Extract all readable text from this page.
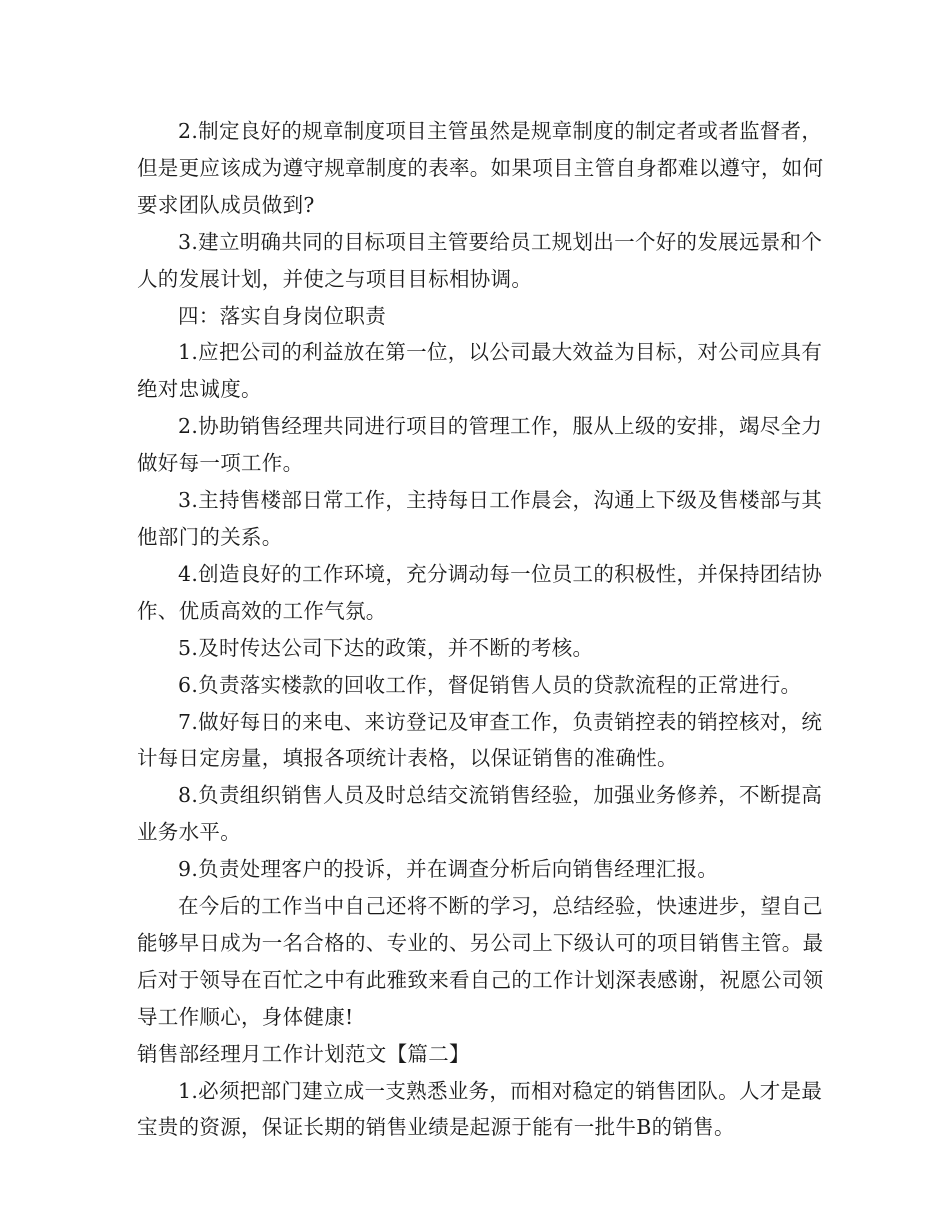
2.制定良好的规章制度项目主管虽然是规章制度的制定者或者监督者，但是更应该成为遵守规章制度的表率。如果项目主管自身都难以遵守，如何要求团队成员做到?

3.建立明确共同的目标项目主管要给员工规划出一个好的发展远景和个人的发展计划，并使之与项目目标相协调。

四：落实自身岗位职责

1.应把公司的利益放在第一位，以公司最大效益为目标，对公司应具有绝对忠诚度。

2.协助销售经理共同进行项目的管理工作，服从上级的安排，竭尽全力做好每一项工作。

3.主持售楼部日常工作，主持每日工作晨会，沟通上下级及售楼部与其他部门的关系。

4.创造良好的工作环境，充分调动每一位员工的积极性，并保持团结协作、优质高效的工作气氛。

5.及时传达公司下达的政策，并不断的考核。

6.负责落实楼款的回收工作，督促销售人员的贷款流程的正常进行。

7.做好每日的来电、来访登记及审查工作，负责销控表的销控核对，统计每日定房量，填报各项统计表格，以保证销售的准确性。

8.负责组织销售人员及时总结交流销售经验，加强业务修养，不断提高业务水平。

9.负责处理客户的投诉，并在调查分析后向销售经理汇报。

在今后的工作当中自己还将不断的学习，总结经验，快速进步，望自己能够早日成为一名合格的、专业的、另公司上下级认可的项目销售主管。最后对于领导在百忙之中有此雅致来看自己的工作计划深表感谢，祝愿公司领导工作顺心，身体健康!

销售部经理月工作计划范文【篇二】

1.必须把部门建立成一支熟悉业务，而相对稳定的销售团队。人才是最宝贵的资源，保证长期的销售业绩是起源于能有一批牛B的销售。
